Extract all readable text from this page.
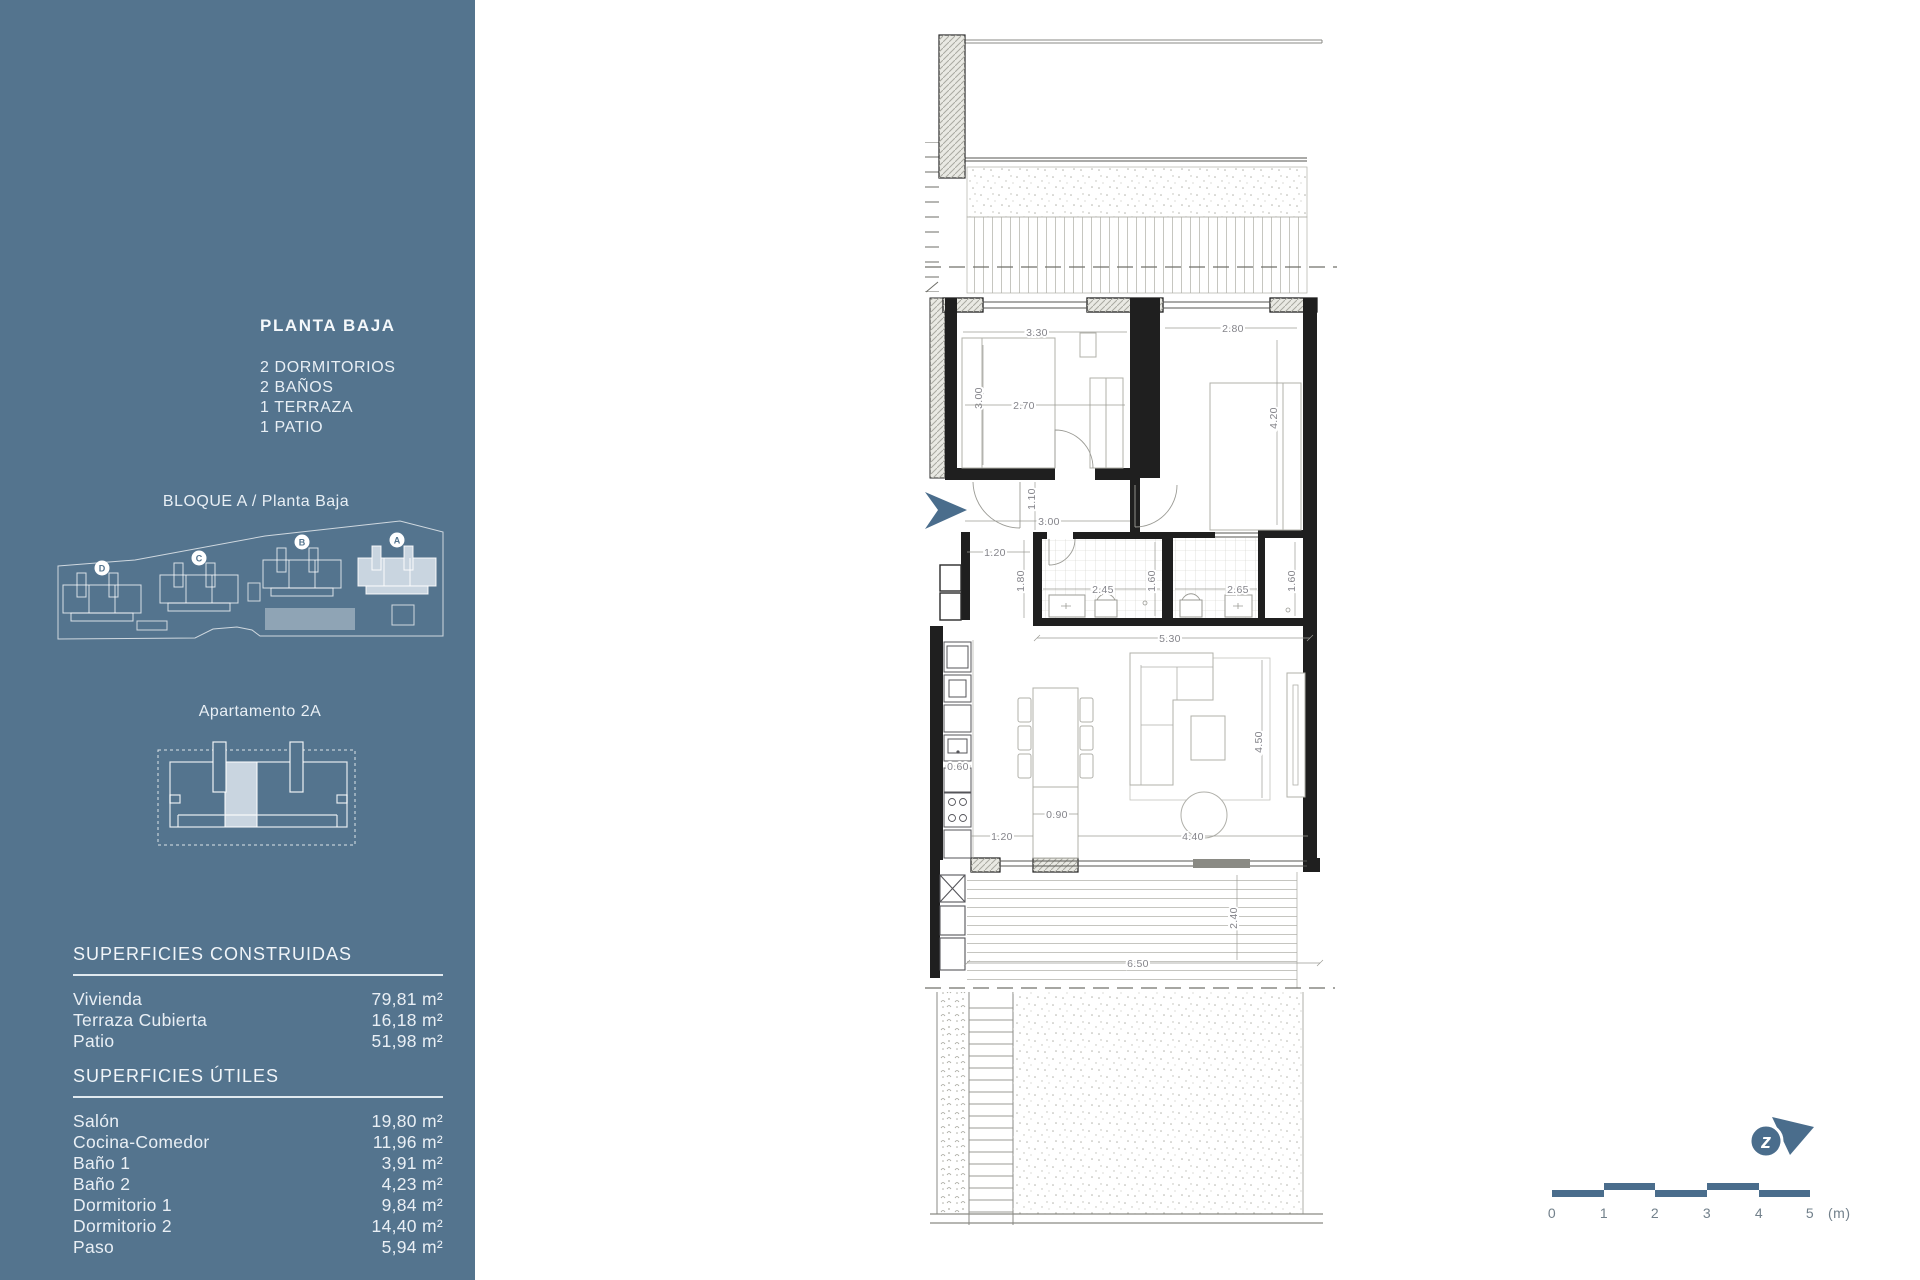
PLANTA BAJA
2 DORMITORIOS
2 BAÑOS
1 TERRAZA
1 PATIO
BLOQUE A / Planta Baja
D
C
B	A
Apartamento 2A
SUPERFICIES CONSTRUIDAS
Vivienda	79,81 m²
Terraza Cubierta	16,18 m²
Patio	51,98 m²
SUPERFICIES ÚTILES
Salón	19,80 m²
Cocina-Comedor	11,96 m²
Baño 1	3,91 m²
Baño 2	4,23 m²
Dormitorio 1	9,84 m²
Dormitorio 2	14,40 m²
Paso	5,94 m²
3.30
3.00	2.70
2.80
4.20
1.10
3.00
1.20
2.45
1.80	1.60	2.65	1.60
5.30
0.60
0.90
4.50
1.20	4.40
2.40
6.50
0	1	2	3	4	5 (m)
z
